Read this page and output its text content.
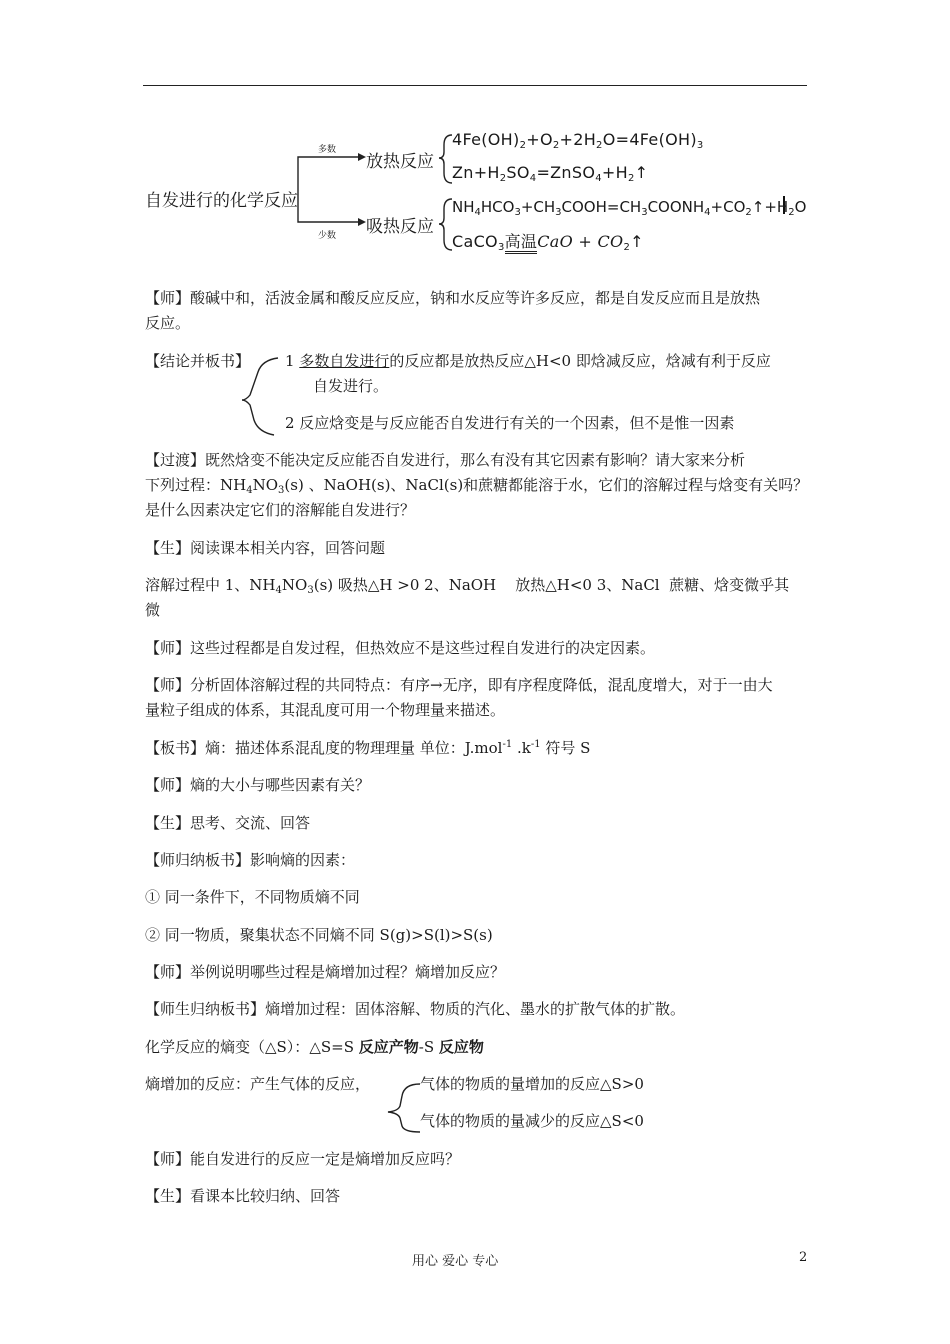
自发进行的化学反应
多数
少数
放热反应
吸热反应
$4Fe(OH)_2+O_2+2H_2O=4Fe(OH)_3$
$Zn+H_2SO_4=ZnSO_4+H_2↑$
$NH_4HCO_3+CH_3COOH=CH_3COONH_4+CO_2↑+H_2O$
CaCO$_3$高温CaO + $CO_2↑$
【师】酸碱中和，活波金属和酸反应反应，钠和水反应等许多反应，都是自发反应而且是放热
反应。
【结论并板书】 1 多数自发进行的反应都是放热反应△H<0 即焓减反应，焓减有利于反应
自发进行。
2 反应焓变是与反应能否自发进行有关的一个因素，但不是惟一因素
【过渡】既然焓变不能决定反应能否自发进行，那么有没有其它因素有影响？请大家来分析
下列过程：$NH_4NO_3(s)$ 、NaOH(s)、NaCl(s)和蔗糖都能溶于水，它们的溶解过程与焓变有关吗？
是什么因素决定它们的溶解能自发进行？
【生】阅读课本相关内容，回答问题
溶解过程中 1、$NH_4NO_3(s)$ 吸热△H >0 2、NaOH    放热△H<0 3、NaCl  蔗糖、焓变微乎其
微
【师】这些过程都是自发过程，但热效应不是这些过程自发进行的决定因素。
【师】分析固体溶解过程的共同特点：有序→无序，即有序程度降低，混乱度增大，对于一由大
量粒子组成的体系，其混乱度可用一个物理量来描述。
【板书】熵：描述体系混乱度的物理理量 单位：J.mol$^{-1}$ $.k^{-1}$ 符号 S
【师】熵的大小与哪些因素有关？
【生】思考、交流、回答
【师归纳板书】影响熵的因素：
① 同一条件下，不同物质熵不同
② 同一物质，聚集状态不同熵不同 S(g)>S(l)>S(s)
【师】举例说明哪些过程是熵增加过程？熵增加反应？
【师生归纳板书】熵增加过程：固体溶解、物质的汽化、墨水的扩散气体的扩散。
化学反应的熵变（△S）：△S=S 反应产物-S 反应物
熵增加的反应：产生气体的反应，	气体的物质的量增加的反应△S>0
气体的物质的量减少的反应△S<0
【师】能自发进行的反应一定是熵增加反应吗？
【生】看课本比较归纳、回答
用心 爱心 专心	2
